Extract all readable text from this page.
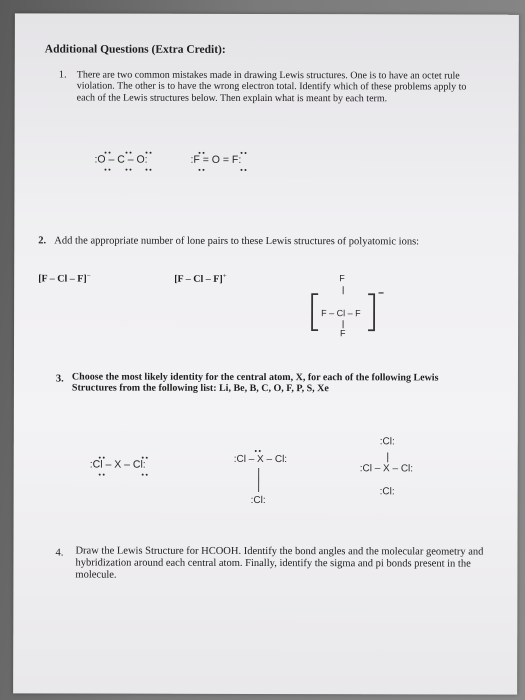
Additional Questions (Extra Credit):
1. There are two common mistakes made in drawing Lewis structures. One is to have an octet rule violation. The other is to have the wrong electron total. Identify which of these problems apply to each of the Lewis structures below. Then explain what is meant by each term.
:O – C – O:	:F = O = F:
2. Add the appropriate number of lone pairs to these Lewis structures of polyatomic ions:
[F – Cl – F]−	[F – Cl – F]+	F
F – Cl – F
F
−
3. Choose the most likely identity for the central atom, X, for each of the following Lewis Structures from the following list: Li, Be, B, C, O, F, P, S, Xe
:Cl – X – Cl:	:Cl – X – Cl:
:Cl:
:Cl:
:Cl – X – Cl:
:Cl:
4. Draw the Lewis Structure for HCOOH. Identify the bond angles and the molecular geometry and hybridization around each central atom. Finally, identify the sigma and pi bonds present in the molecule.
